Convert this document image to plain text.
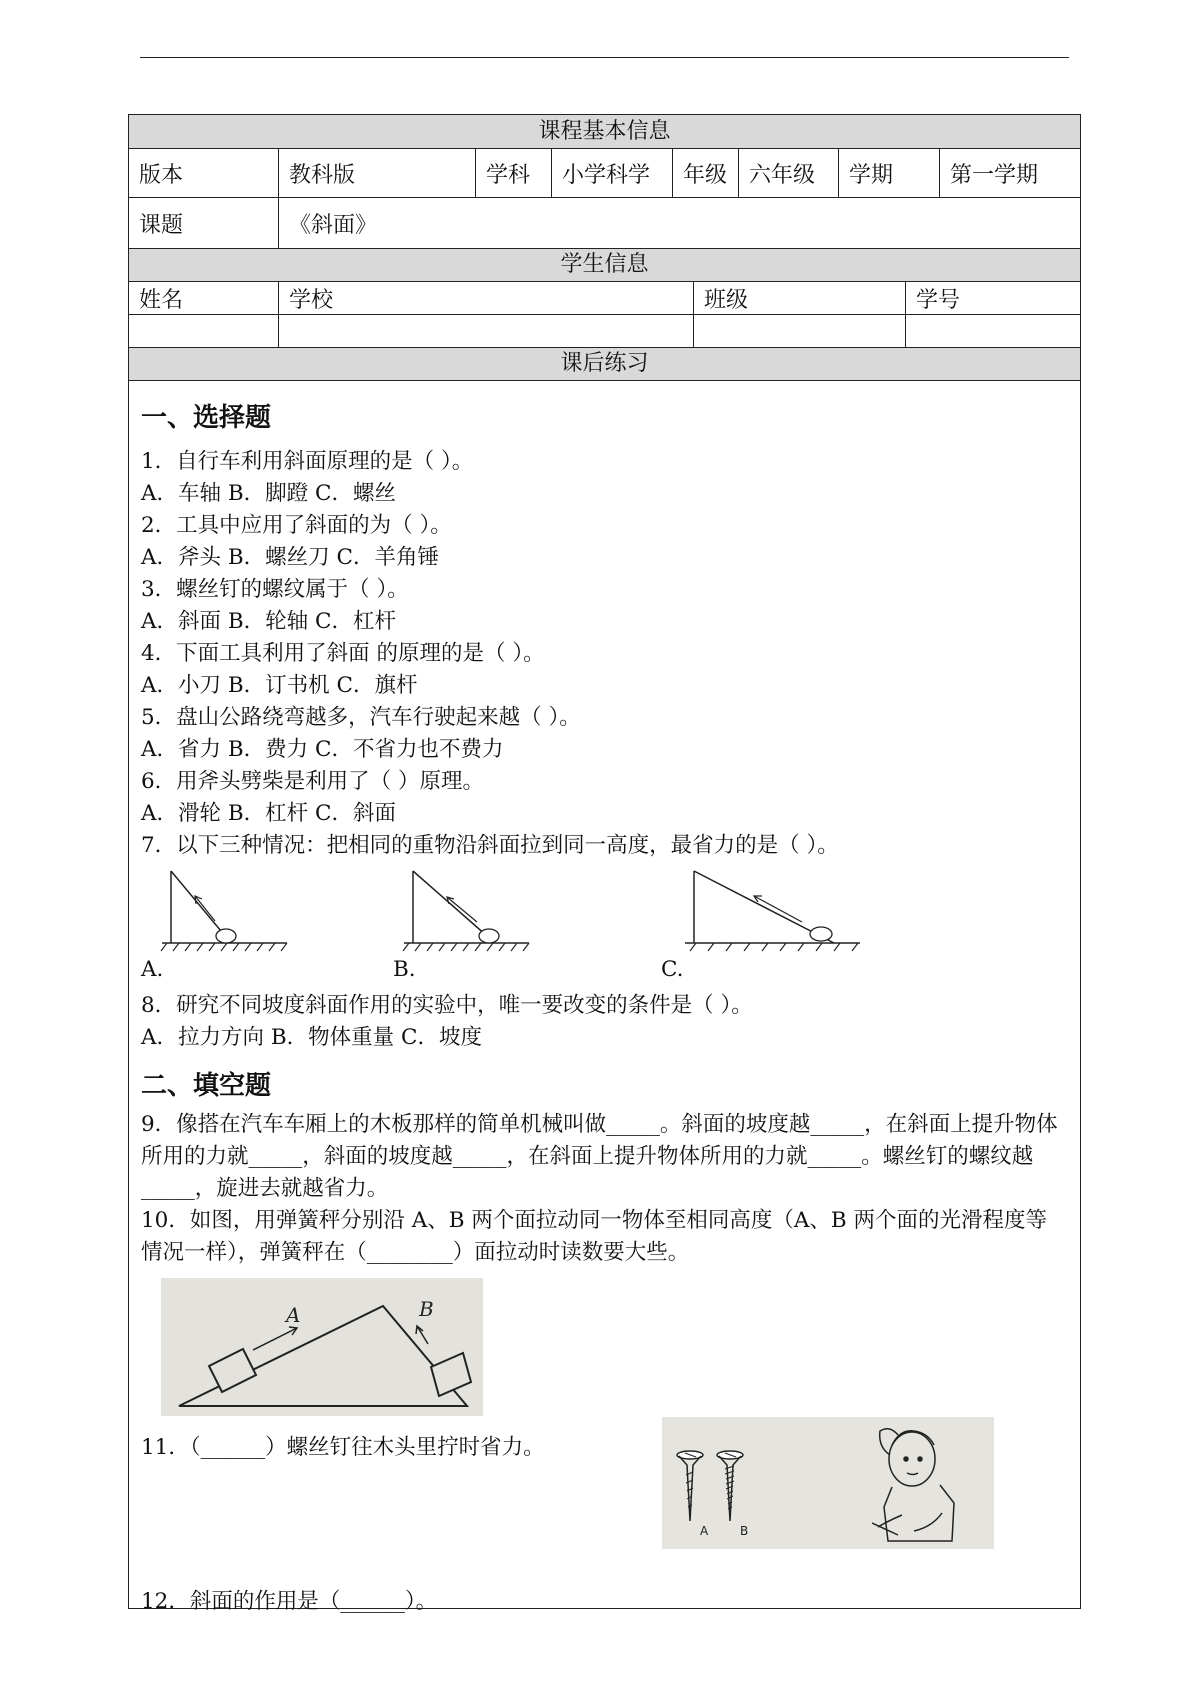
课程基本信息
版本	教科版	学科	小学科学	年级 六年级	学期	第一学期
课题	《斜面》
学生信息
姓名	学校	班级	学号
课后练习
一、选择题
1．自行车利用斜面原理的是（ ）。
A．车轴 B．脚蹬 C．螺丝
2．工具中应用了斜面的为（ ）。
A．斧头 B．螺丝刀 C．羊角锤
3．螺丝钉的螺纹属于（ ）。
A．斜面 B．轮轴 C．杠杆
4．下面工具利用了斜面 的原理的是（ ）。
A．小刀 B．订书机 C．旗杆
5．盘山公路绕弯越多，汽车行驶起来越（ ）。
A．省力 B．费力 C．不省力也不费力
6．用斧头劈柴是利用了（ ）原理。
A．滑轮 B．杠杆 C．斜面
7．以下三种情况：把相同的重物沿斜面拉到同一高度，最省力的是（ ）。
A.	B.	C.
8．研究不同坡度斜面作用的实验中，唯一要改变的条件是（ ）。
A．拉力方向 B．物体重量 C．坡度
二、填空题
9．像搭在汽车车厢上的木板那样的简单机械叫做_____。斜面的坡度越_____，在斜面上提升物体所用的力就_____，斜面的坡度越_____，在斜面上提升物体所用的力就_____。螺丝钉的螺纹越_____，旋进去就越省力。
10．如图，用弹簧秤分别沿 A、B 两个面拉动同一物体至相同高度（A、B 两个面的光滑程度等情况一样），弹簧秤在（________）面拉动时读数要大些。
A	B
11．（______）螺丝钉往木头里拧时省力。
A	B
12．斜面的作用是（______）。
